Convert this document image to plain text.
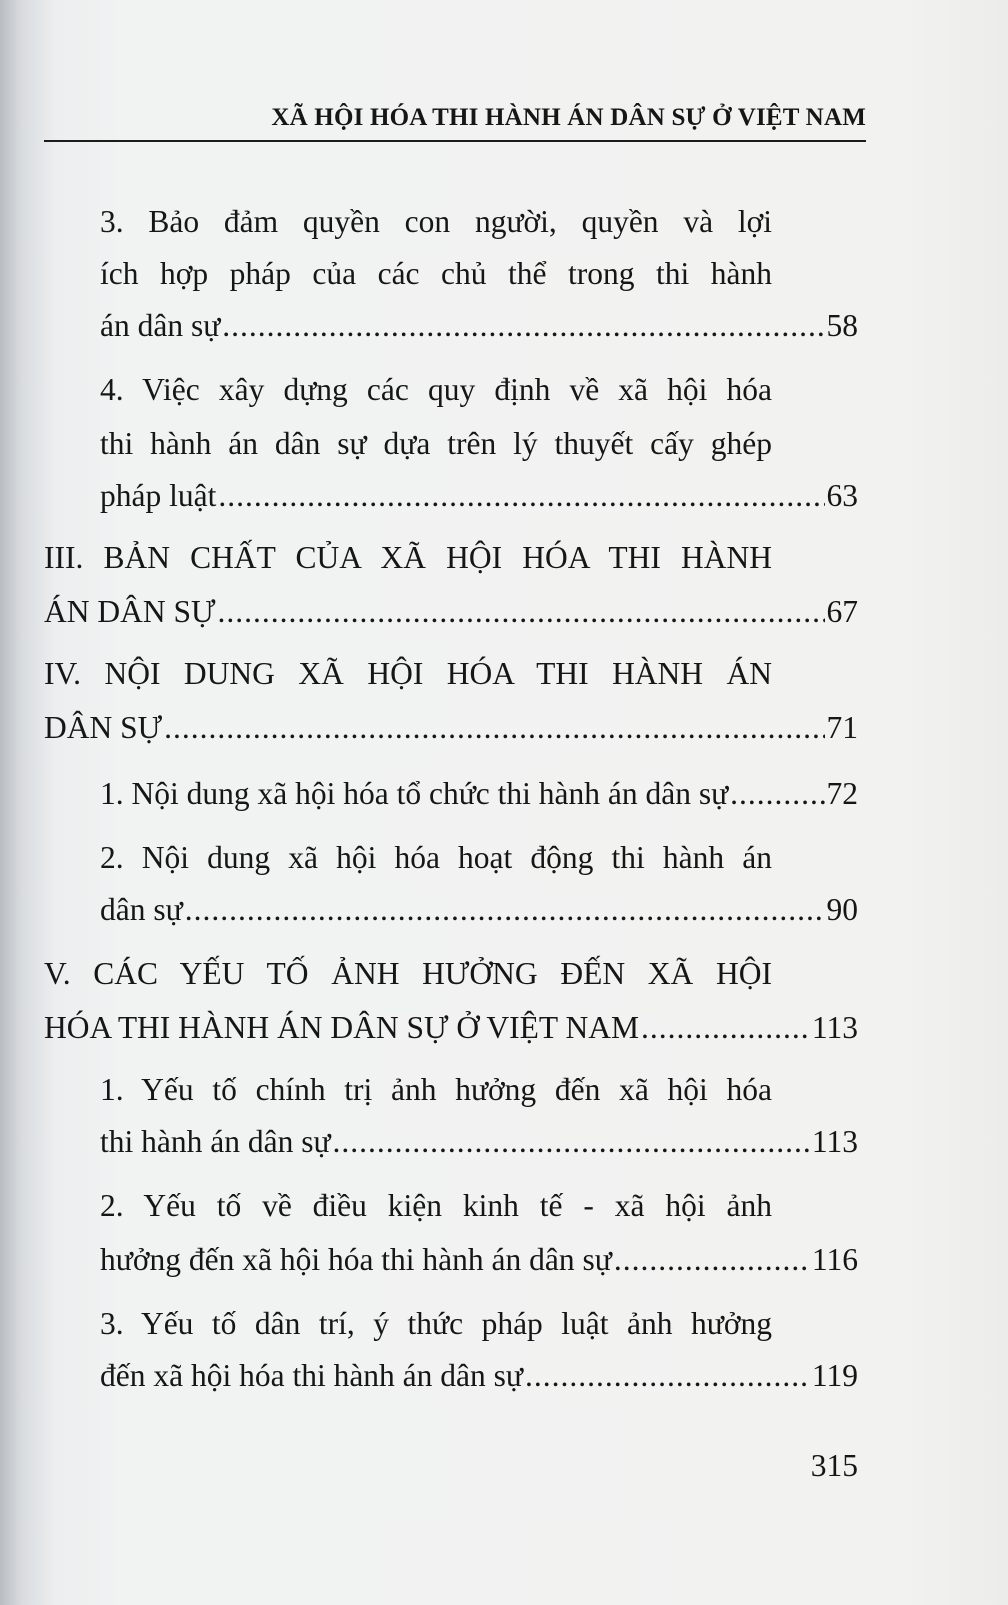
XÃ HỘI HÓA THI HÀNH ÁN DÂN SỰ Ở VIỆT NAM
3. Bảo đảm quyền con người, quyền và lợi
ích hợp pháp của các chủ thể trong thi hành
án dân sự .....	58
4. Việc xây dựng các quy định về xã hội hóa
thi hành án dân sự dựa trên lý thuyết cấy ghép
pháp luật .....	63
III. BẢN CHẤT CỦA XÃ HỘI HÓA THI HÀNH
ÁN DÂN SỰ .....	67
IV. NỘI DUNG XÃ HỘI HÓA THI HÀNH ÁN
DÂN SỰ .....	71
1. Nội dung xã hội hóa tổ chức thi hành án dân sự .....	72
2. Nội dung xã hội hóa hoạt động thi hành án
dân sự .....	90
V. CÁC YẾU TỐ ẢNH HƯỞNG ĐẾN XÃ HỘI
HÓA THI HÀNH ÁN DÂN SỰ Ở VIỆT NAM .....	113
1. Yếu tố chính trị ảnh hưởng đến xã hội hóa
thi hành án dân sự .....	113
2. Yếu tố về điều kiện kinh tế - xã hội ảnh
hưởng đến xã hội hóa thi hành án dân sự .....	116
3. Yếu tố dân trí, ý thức pháp luật ảnh hưởng
đến xã hội hóa thi hành án dân sự .....	119
315
